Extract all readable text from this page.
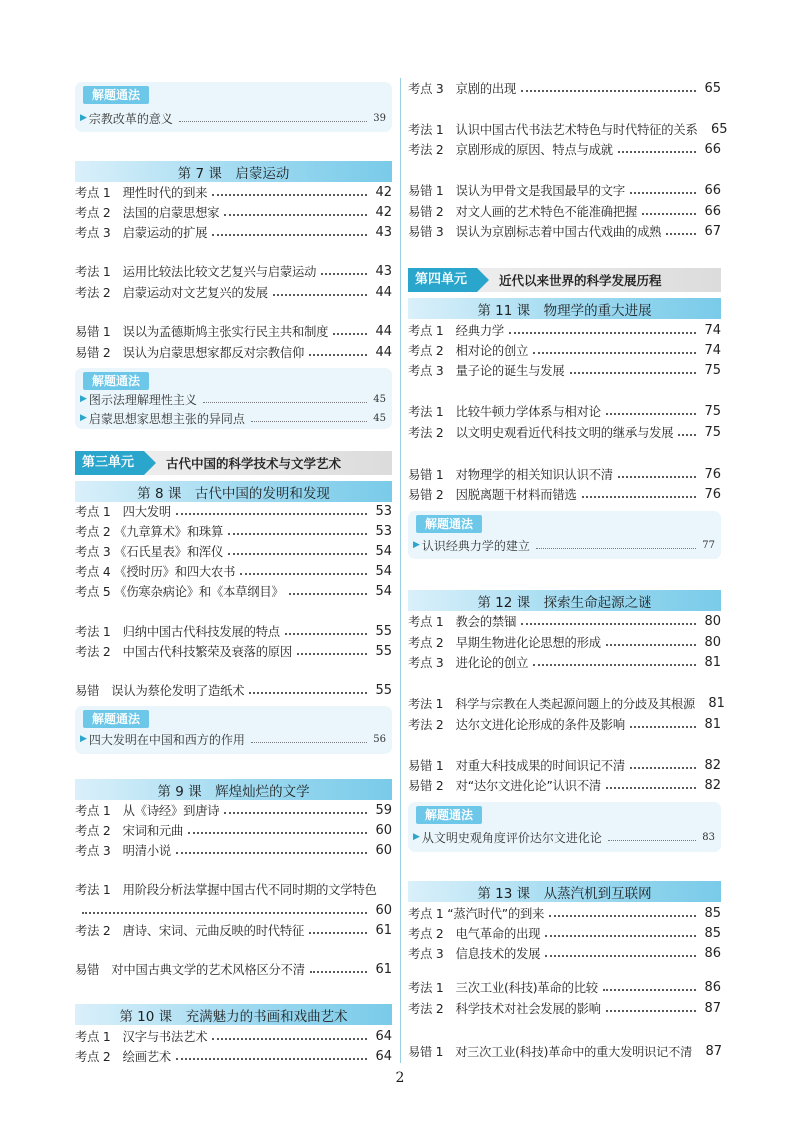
解题通法
▶ 宗教改革的意义	39
第 7 课　启蒙运动
考点 1　理性时代的到来	42
考点 2　法国的启蒙思想家	42
考点 3　启蒙运动的扩展	43
考法 1　运用比较法比较文艺复兴与启蒙运动	43
考法 2　启蒙运动对文艺复兴的发展	44
易错 1　误以为孟德斯鸠主张实行民主共和制度	44
易错 2　误认为启蒙思想家都反对宗教信仰	44
解题通法
▶ 图示法理解理性主义	45
▶ 启蒙思想家思想主张的异同点	45
第三单元	古代中国的科学技术与文学艺术
第 8 课　古代中国的发明和发现
考点 1　四大发明	53
考点 2 《九章算术》和珠算	53
考点 3 《石氏星表》和浑仪	54
考点 4 《授时历》和四大农书	54
考点 5 《伤寒杂病论》和《本草纲目》	54
考法 1　归纳中国古代科技发展的特点	55
考法 2　中国古代科技繁荣及衰落的原因	55
易错　误认为蔡伦发明了造纸术	55
解题通法
▶ 四大发明在中国和西方的作用	56
第 9 课　辉煌灿烂的文学
考点 1　从《诗经》到唐诗	59
考点 2　宋词和元曲	60
考点 3　明清小说	60
考法 1　用阶段分析法掌握中国古代不同时期的文学特色
60
考法 2　唐诗、宋词、元曲反映的时代特征	61
易错　对中国古典文学的艺术风格区分不清	61
第 10 课　充满魅力的书画和戏曲艺术
考点 1　汉字与书法艺术	64
考点 2　绘画艺术	64
考点 3　京剧的出现	65
考法 1　认识中国古代书法艺术特色与时代特征的关系 65
考法 2　京剧形成的原因、特点与成就	66
易错 1　误认为甲骨文是我国最早的文字	66
易错 2　对文人画的艺术特色不能准确把握	66
易错 3　误认为京剧标志着中国古代戏曲的成熟	67
第四单元	近代以来世界的科学发展历程
第 11 课　物理学的重大进展
考点 1　经典力学	74
考点 2　相对论的创立	74
考点 3　量子论的诞生与发展	75
考法 1　比较牛顿力学体系与相对论	75
考法 2　以文明史观看近代科技文明的继承与发展 75
易错 1　对物理学的相关知识认识不清	76
易错 2　因脱离题干材料而错选	76
解题通法
▶ 认识经典力学的建立	77
第 12 课　探索生命起源之谜
考点 1　教会的禁锢	80
考点 2　早期生物进化论思想的形成	80
考点 3　进化论的创立	81
考法 1　科学与宗教在人类起源问题上的分歧及其根源 81
考法 2　达尔文进化论形成的条件及影响	81
易错 1　对重大科技成果的时间识记不清	82
易错 2　对“达尔文进化论”认识不清	82
解题通法
▶ 从文明史观角度评价达尔文进化论	83
第 13 课　从蒸汽机到互联网
考点 1 “蒸汽时代”的到来	85
考点 2　电气革命的出现	85
考点 3　信息技术的发展	86
考法 1　三次工业(科技)革命的比较	86
考法 2　科学技术对社会发展的影响	87
易错 1　对三次工业(科技)革命中的重大发明识记不清 87
2
